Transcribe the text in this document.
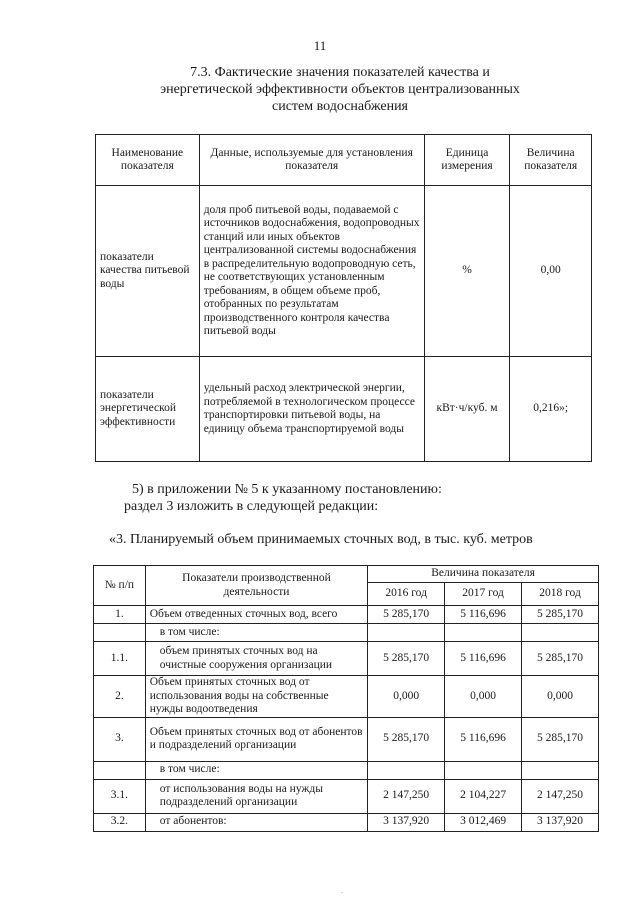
11
7.3. Фактические значения показателей качества и
энергетической эффективности объектов централизованных
систем водоснабжения
Наименование показателя	Данные, используемые для установления показателя	Единица измерения	Величина показателя
показатели качества питьевой воды	доля проб питьевой воды, подаваемой с источников водоснабжения, водопроводных станций или иных объектов централизованной системы водоснабжения в распределительную водопроводную сеть, не соответствующих установленным требованиям, в общем объеме проб, отобранных по результатам производственного контроля качества питьевой воды	%	0,00
показатели энергетической эффективности	удельный расход электрической энергии, потребляемой в технологическом процессе транспортировки питьевой воды, на единицу объема транспортируемой воды	кВт·ч/куб. м	0,216»;
5) в приложении № 5 к указанному постановлению:
раздел 3 изложить в следующей редакции:
«3. Планируемый объем принимаемых сточных вод, в тыс. куб. метров
№ п/п	Показатели производственной деятельности	Величина показателя		
		2016 год	2017 год	2018 год
1.	Объем отведенных сточных вод, всего	5 285,170	5 116,696	5 285,170
	в том числе:			
1.1.	объем принятых сточных вод на очистные сооружения организации	5 285,170	5 116,696	5 285,170
2.	Объем принятых сточных вод от использования воды на собственные нужды водоотведения	0,000	0,000	0,000
3.	Объем принятых сточных вод от абонентов и подразделений организации	5 285,170	5 116,696	5 285,170
	в том числе:			
3.1.	от использования воды на нужды подразделений организации	2 147,250	2 104,227	2 147,250
3.2.	от абонентов:	3 137,920	3 012,469	3 137,920
.
